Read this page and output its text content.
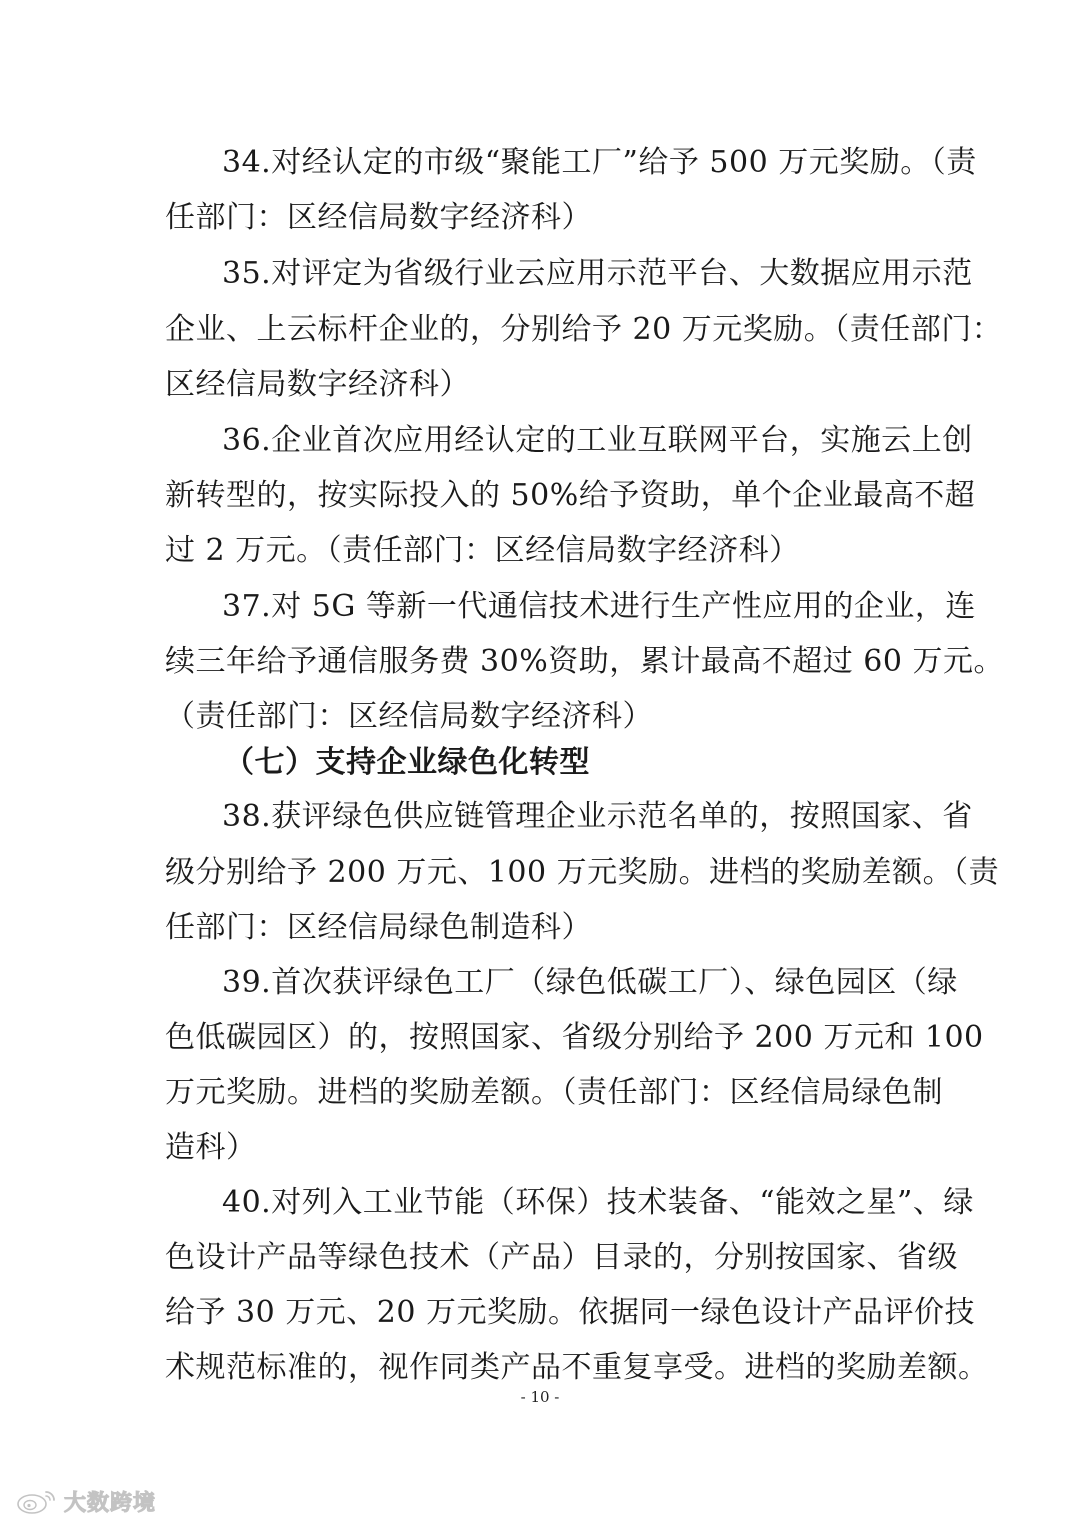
34.对经认定的市级“聚能工厂”给予 500 万元奖励。（责
任部门：区经信局数字经济科）
35.对评定为省级行业云应用示范平台、大数据应用示范
企业、上云标杆企业的，分别给予 20 万元奖励。（责任部门：
区经信局数字经济科）
36.企业首次应用经认定的工业互联网平台，实施云上创
新转型的，按实际投入的 50%给予资助，单个企业最高不超
过 2 万元。（责任部门：区经信局数字经济科）
37.对 5G 等新一代通信技术进行生产性应用的企业，连
续三年给予通信服务费 30%资助，累计最高不超过 60 万元。
（责任部门：区经信局数字经济科）
（七）支持企业绿色化转型
38.获评绿色供应链管理企业示范名单的，按照国家、省
级分别给予 200 万元、100 万元奖励。进档的奖励差额。（责
任部门：区经信局绿色制造科）
39.首次获评绿色工厂（绿色低碳工厂）、绿色园区（绿
色低碳园区）的，按照国家、省级分别给予 200 万元和 100
万元奖励。进档的奖励差额。（责任部门：区经信局绿色制
造科）
40.对列入工业节能（环保）技术装备、“能效之星”、绿
色设计产品等绿色技术（产品）目录的，分别按国家、省级
给予 30 万元、20 万元奖励。依据同一绿色设计产品评价技
术规范标准的，视作同类产品不重复享受。进档的奖励差额。
- 10 -
大数跨境
